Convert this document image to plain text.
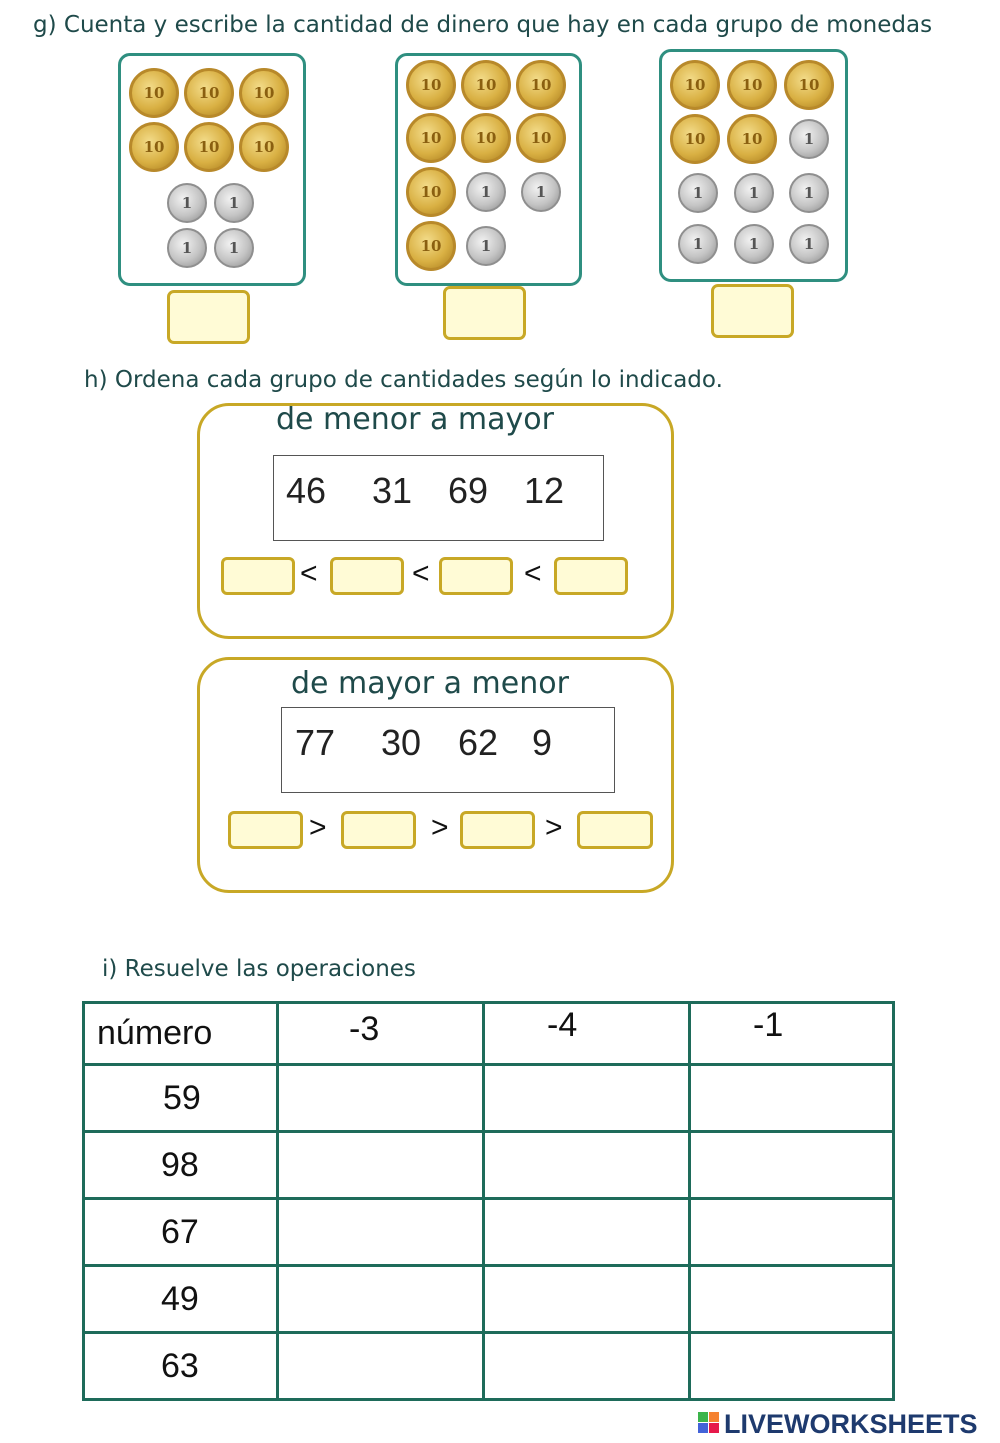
g) Cuenta y escribe la cantidad de dinero que hay en cada grupo de monedas
10	10	10
10	10	10
1	1
1	1
10	10	10
10	10	10
10	1	1
10	1
10	10	10
10	10	1
1	1	1
1	1	1
h) Ordena cada grupo de cantidades según lo indicado.
de menor a mayor
46 31 69 12
<	<	<
de mayor a menor
77 30 62 9
>	>	>
i) Resuelve las operaciones
número	-3	-4	-1

59			

98			

67			

49			

63			

LIVEWORKSHEETS
